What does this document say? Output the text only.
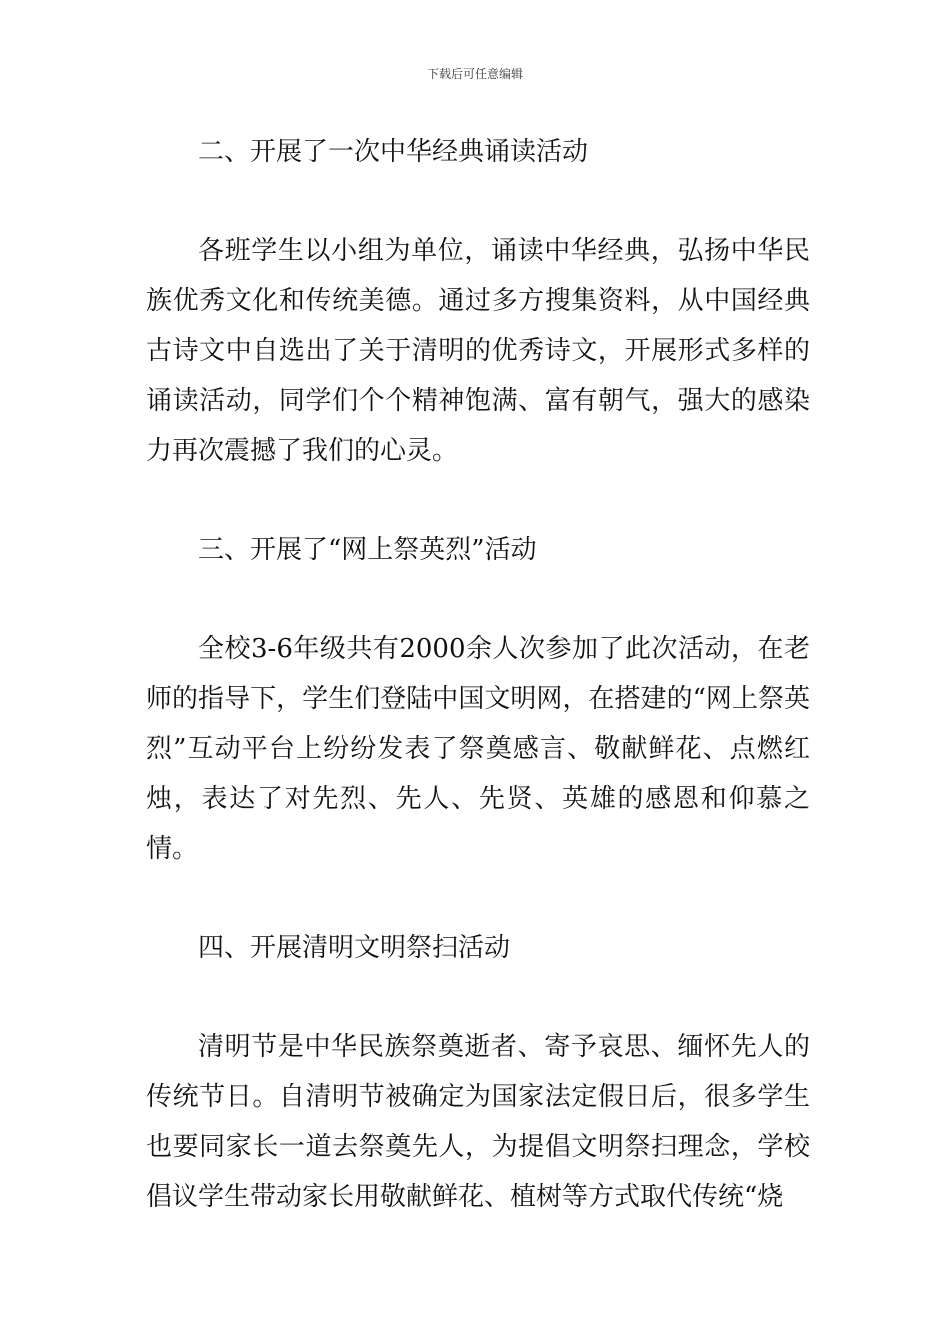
下载后可任意编辑

二、开展了一次中华经典诵读活动

各班学生以小组为单位，诵读中华经典，弘扬中华民族优秀文化和传统美德。通过多方搜集资料，从中国经典古诗文中自选出了关于清明的优秀诗文，开展形式多样的诵读活动，同学们个个精神饱满、富有朝气，强大的感染力再次震撼了我们的心灵。

三、开展了“网上祭英烈”活动

全校3-6年级共有2000余人次参加了此次活动，在老师的指导下，学生们登陆中国文明网，在搭建的“网上祭英烈”互动平台上纷纷发表了祭奠感言、敬献鲜花、点燃红烛，表达了对先烈、先人、先贤、英雄的感恩和仰慕之情。

四、开展清明文明祭扫活动

清明节是中华民族祭奠逝者、寄予哀思、缅怀先人的传统节日。自清明节被确定为国家法定假日后，很多学生也要同家长一道去祭奠先人，为提倡文明祭扫理念，学校倡议学生带动家长用敬献鲜花、植树等方式取代传统“烧
